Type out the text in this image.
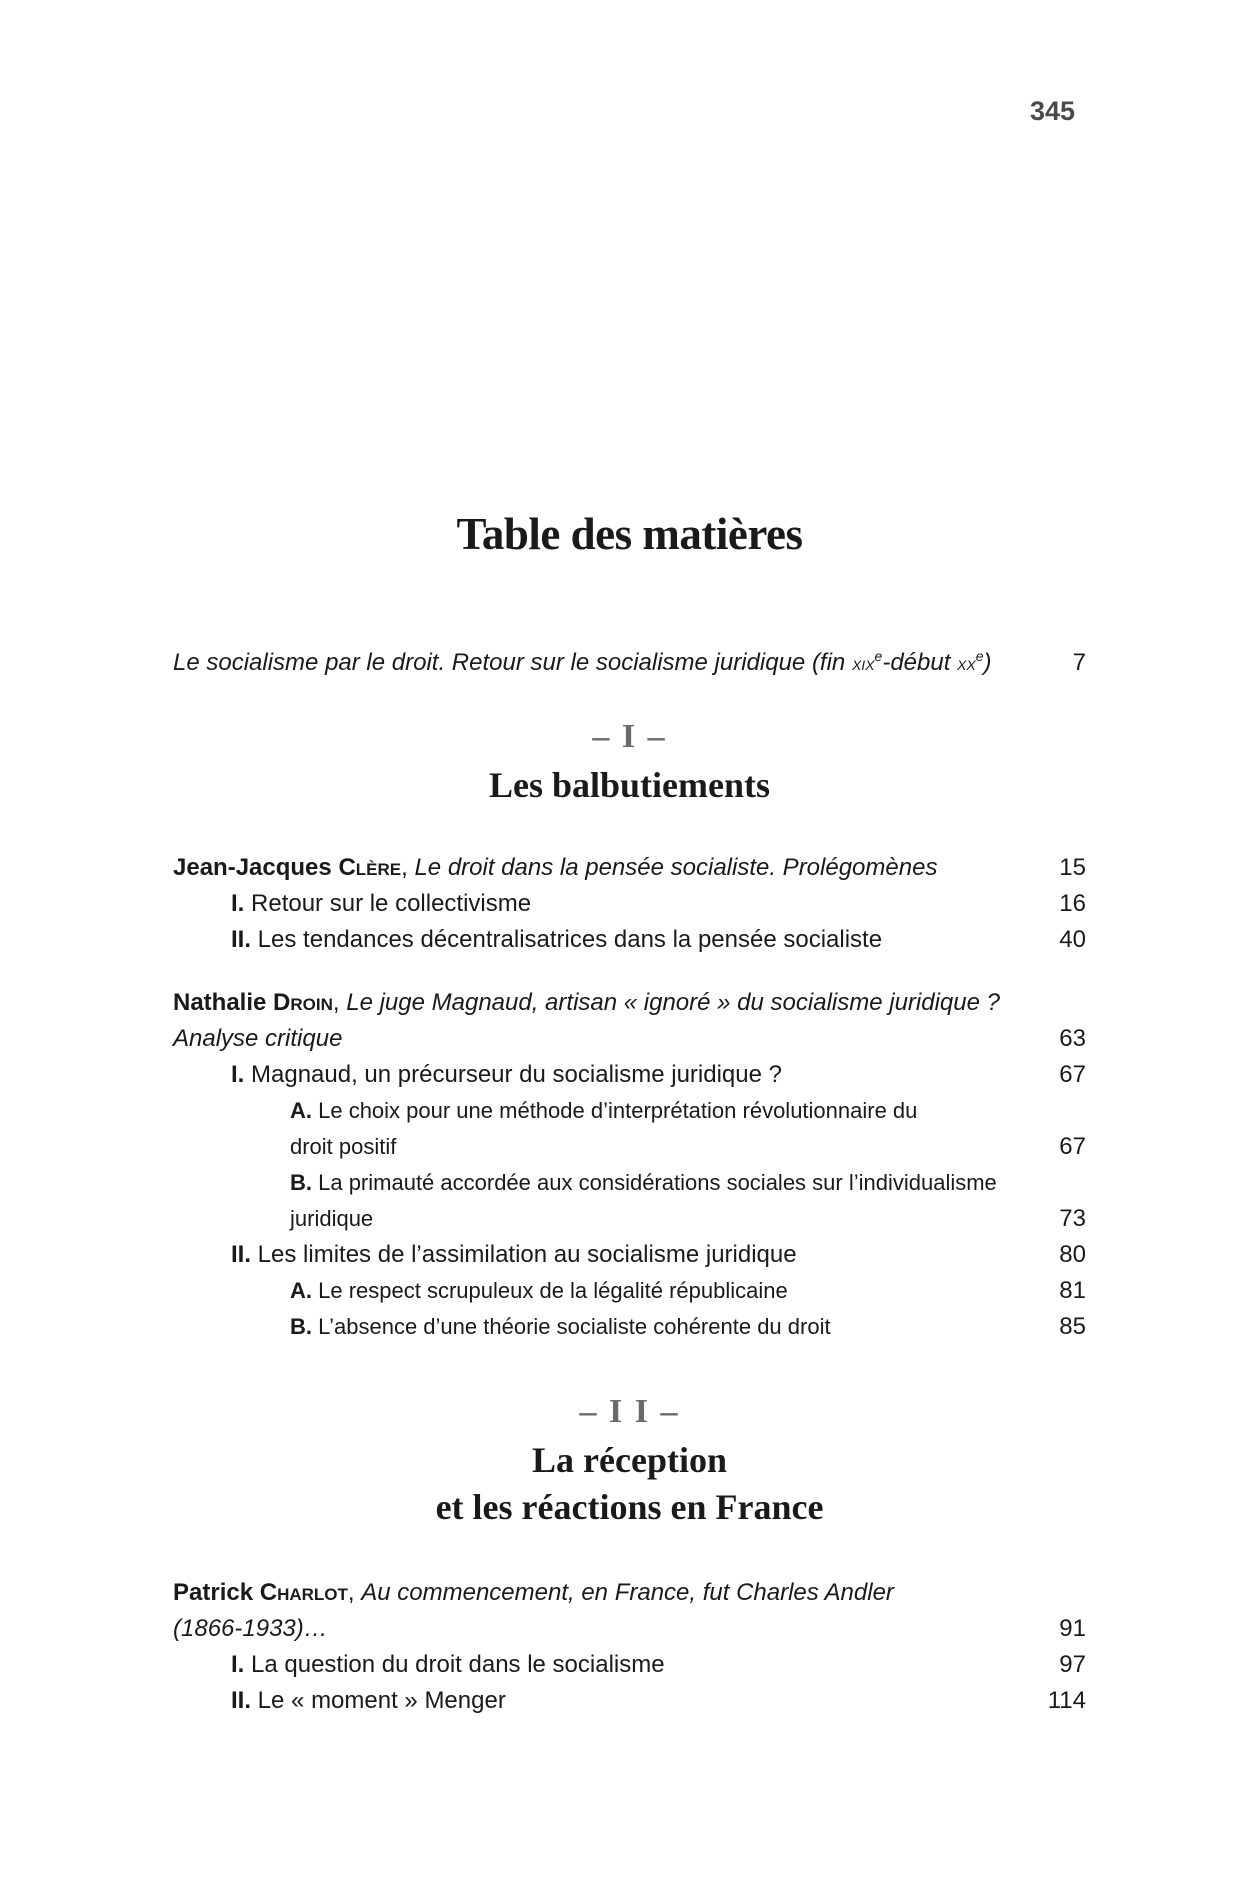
345
Table des matières
Le socialisme par le droit. Retour sur le socialisme juridique (fin xix$^e$-début $xx^e$)	7
– I –
Les balbutiements
Jean-Jacques Clère, Le droit dans la pensée socialiste. Prolégomènes	15
I. Retour sur le collectivisme	16
II. Les tendances décentralisatrices dans la pensée socialiste	40
Nathalie Droin, Le juge Magnaud, artisan « ignoré » du socialisme juridique ?
Analyse critique	63
I. Magnaud, un précurseur du socialisme juridique ?	67
A. Le choix pour une méthode d’interprétation révolutionnaire du
droit positif	67
B. La primauté accordée aux considérations sociales sur l’individualisme
juridique	73
II. Les limites de l’assimilation au socialisme juridique	80
A. Le respect scrupuleux de la légalité républicaine	81
B. L’absence d’une théorie socialiste cohérente du droit	85
– I I –
La réception
et les réactions en France
Patrick Charlot, Au commencement, en France, fut Charles Andler
(1866-1933)…	91
I. La question du droit dans le socialisme	97
II. Le « moment » Menger	114
